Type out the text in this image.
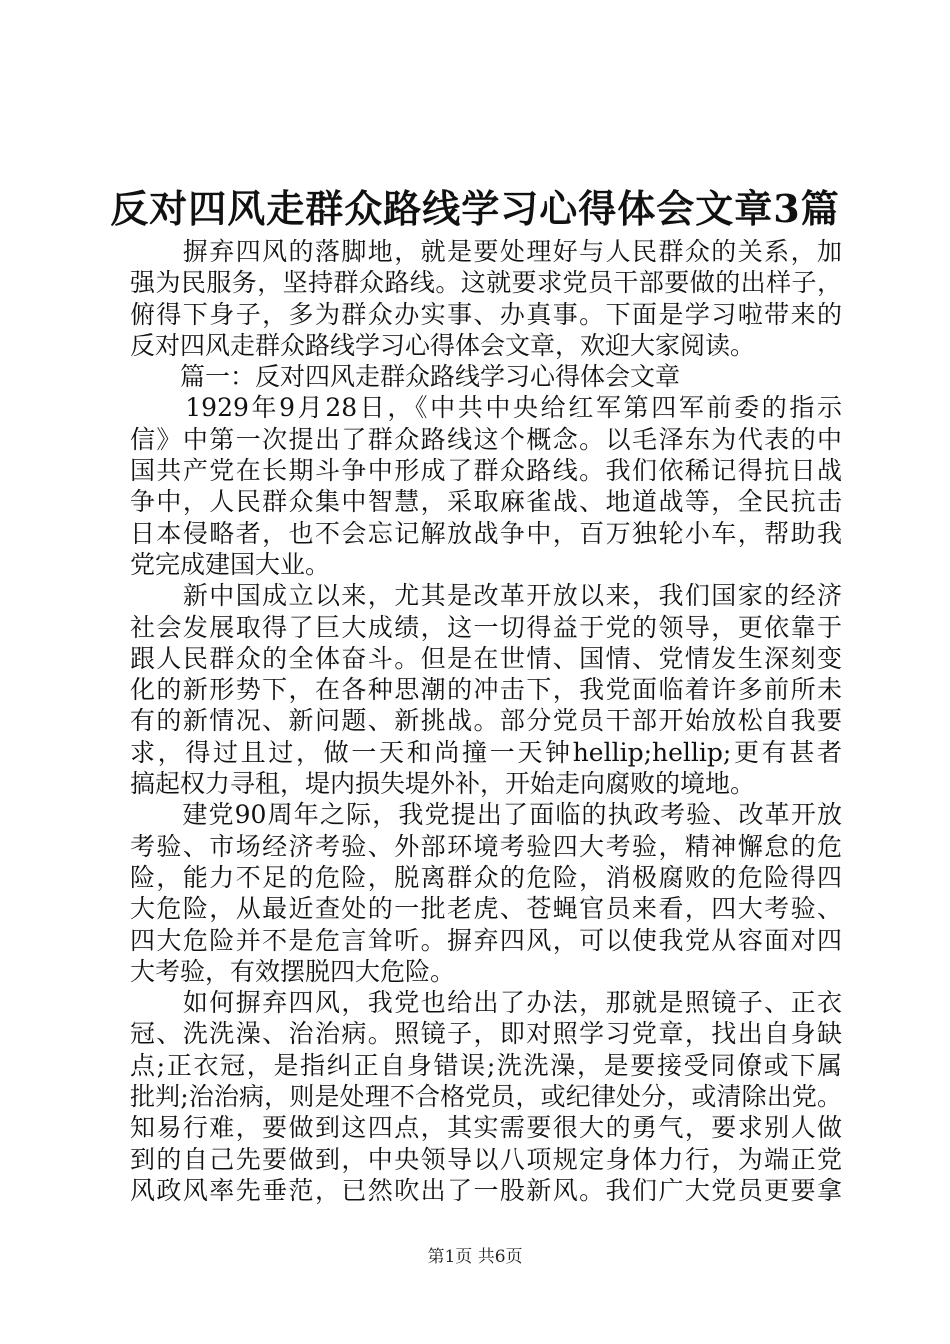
反对四风走群众路线学习心得体会文章3篇
　　摒弃四风的落脚地，就是要处理好与人民群众的关系，加
强为民服务，坚持群众路线。这就要求党员干部要做的出样子，
俯得下身子，多为群众办实事、办真事。下面是学习啦带来的
反对四风走群众路线学习心得体会文章，欢迎大家阅读。
　　篇一：反对四风走群众路线学习心得体会文章
　　1929年9月28日，《中共中央给红军第四军前委的指示
信》中第一次提出了群众路线这个概念。以毛泽东为代表的中
国共产党在长期斗争中形成了群众路线。我们依稀记得抗日战
争中，人民群众集中智慧，采取麻雀战、地道战等，全民抗击
日本侵略者，也不会忘记解放战争中，百万独轮小车，帮助我
党完成建国大业。
　　新中国成立以来，尤其是改革开放以来，我们国家的经济
社会发展取得了巨大成绩，这一切得益于党的领导，更依靠于
跟人民群众的全体奋斗。但是在世情、国情、党情发生深刻变
化的新形势下，在各种思潮的冲击下，我党面临着许多前所未
有的新情况、新问题、新挑战。部分党员干部开始放松自我要
求，得过且过，做一天和尚撞一天钟hellip;hellip;更有甚者
搞起权力寻租，堤内损失堤外补，开始走向腐败的境地。
　　建党90周年之际，我党提出了面临的执政考验、改革开放
考验、市场经济考验、外部环境考验四大考验，精神懈怠的危
险，能力不足的危险，脱离群众的危险，消极腐败的危险得四
大危险，从最近查处的一批老虎、苍蝇官员来看，四大考验、
四大危险并不是危言耸听。摒弃四风，可以使我党从容面对四
大考验，有效摆脱四大危险。
　　如何摒弃四风，我党也给出了办法，那就是照镜子、正衣
冠、洗洗澡、治治病。照镜子，即对照学习党章，找出自身缺
点;正衣冠，是指纠正自身错误;洗洗澡，是要接受同僚或下属
批判;治治病，则是处理不合格党员，或纪律处分，或清除出党。
知易行难，要做到这四点，其实需要很大的勇气，要求别人做
到的自己先要做到，中央领导以八项规定身体力行，为端正党
风政风率先垂范，已然吹出了一股新风。我们广大党员更要拿
第1页 共6页
